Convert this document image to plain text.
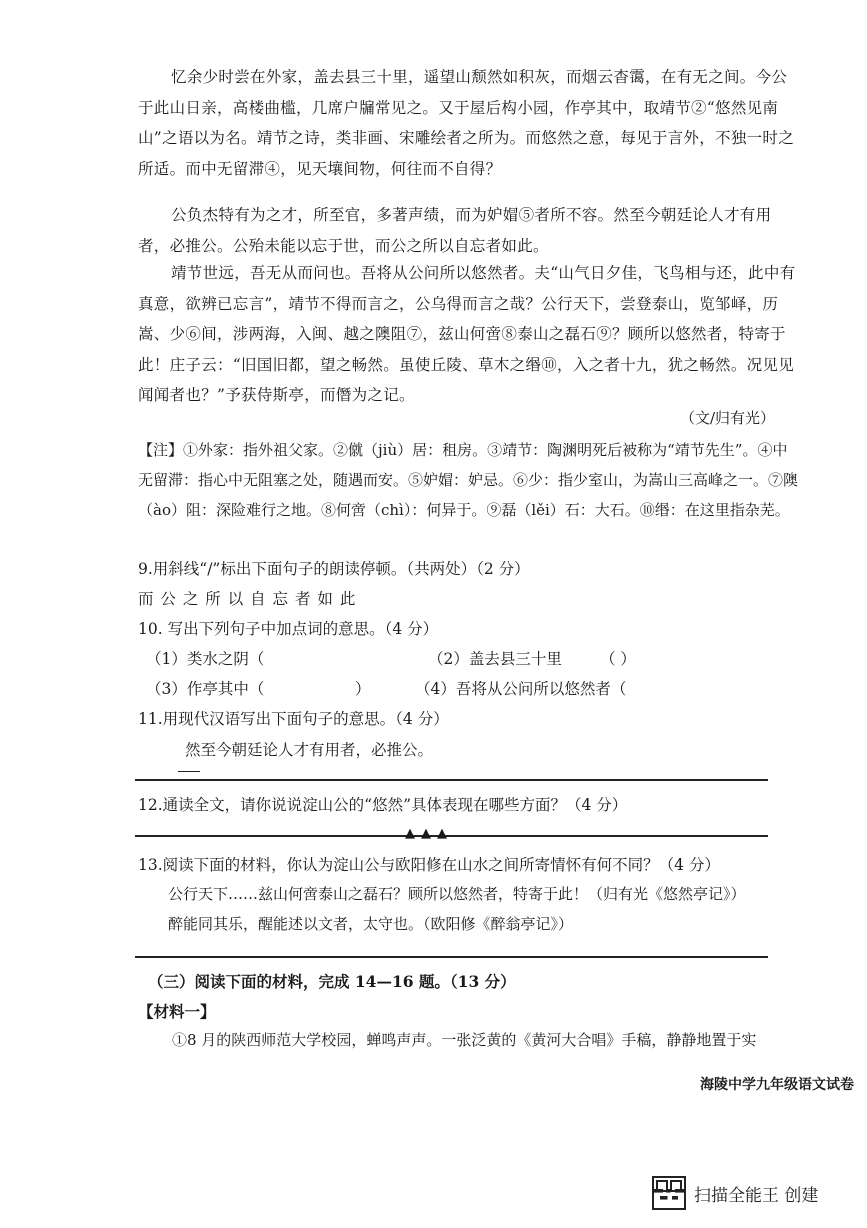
忆余少时尝在外家，盖去县三十里，遥望山颓然如积灰，而烟云杳霭，在有无之间。今公于此山日亲，高楼曲槛，几席户牖常见之。又于屋后构小园，作亭其中，取靖节②“悠然见南山”之语以为名。靖节之诗，类非画、宋雕绘者之所为。而悠然之意，每见于言外，不独一时之所适。而中无留滞④，见天壤间物，何往而不自得？
公负杰特有为之才，所至官，多著声绩，而为妒媢⑤者所不容。然至今朝廷论人才有用者，必推公。公殆未能以忘于世，而公之所以自忘者如此。
靖节世远，吾无从而问也。吾将从公问所以悠然者。夫“山气日夕佳，飞鸟相与还，此中有真意，欲辨已忘言”，靖节不得而言之，公乌得而言之哉？公行天下，尝登泰山，览邹峄，历嵩、少⑥间，涉两海，入闽、越之隩阻⑦，兹山何啻⑧泰山之磊石⑨？顾所以悠然者，特寄于此！庄子云：“旧国旧都，望之畅然。虽使丘陵、草木之缗⑩，入之者十九，犹之畅然。况见见闻闻者也？”予获侍斯亭，而僭为之记。
（文/归有光）
【注】①外家：指外祖父家。②僦（jiù）居：租房。③靖节：陶渊明死后被称为“靖节先生”。④中无留滞：指心中无阻塞之处，随遇而安。⑤妒媢：妒忌。⑥少：指少室山，为嵩山三高峰之一。⑦隩（ào）阻：深险难行之地。⑧何啻（chì）：何异于。⑨磊（lěi）石：大石。⑩缗：在这里指杂芜。
9.用斜线“/”标出下面句子的朗读停顿。（共两处）（2 分）
而 公 之 所 以 自 忘 者 如 此
10. 写出下列句子中加点词的意思。（4 分）
（1）类水之阴（	（2）盖去县三十里 （ ）
（3）作亭其中（	）	（4）吾将从公问所以悠然者（
11.用现代汉语写出下面句子的意思。（4 分）
然至今朝廷论人才有用者，必推公。
12.通读全文，请你说说淀山公的“悠然”具体表现在哪些方面？（4 分）
▲▲▲
13.阅读下面的材料，你认为淀山公与欧阳修在山水之间所寄情怀有何不同？（4 分）
公行天下……兹山何啻泰山之磊石？顾所以悠然者，特寄于此！（归有光《悠然亭记》）
醉能同其乐，醒能述以文者，太守也。（欧阳修《醉翁亭记》）
（三）阅读下面的材料，完成 14—16 题。（13 分）
【材料一】
①8 月的陕西师范大学校园，蝉鸣声声。一张泛黄的《黄河大合唱》手稿，静静地置于实
海陵中学九年级语文试卷
扫描全能王 创建
